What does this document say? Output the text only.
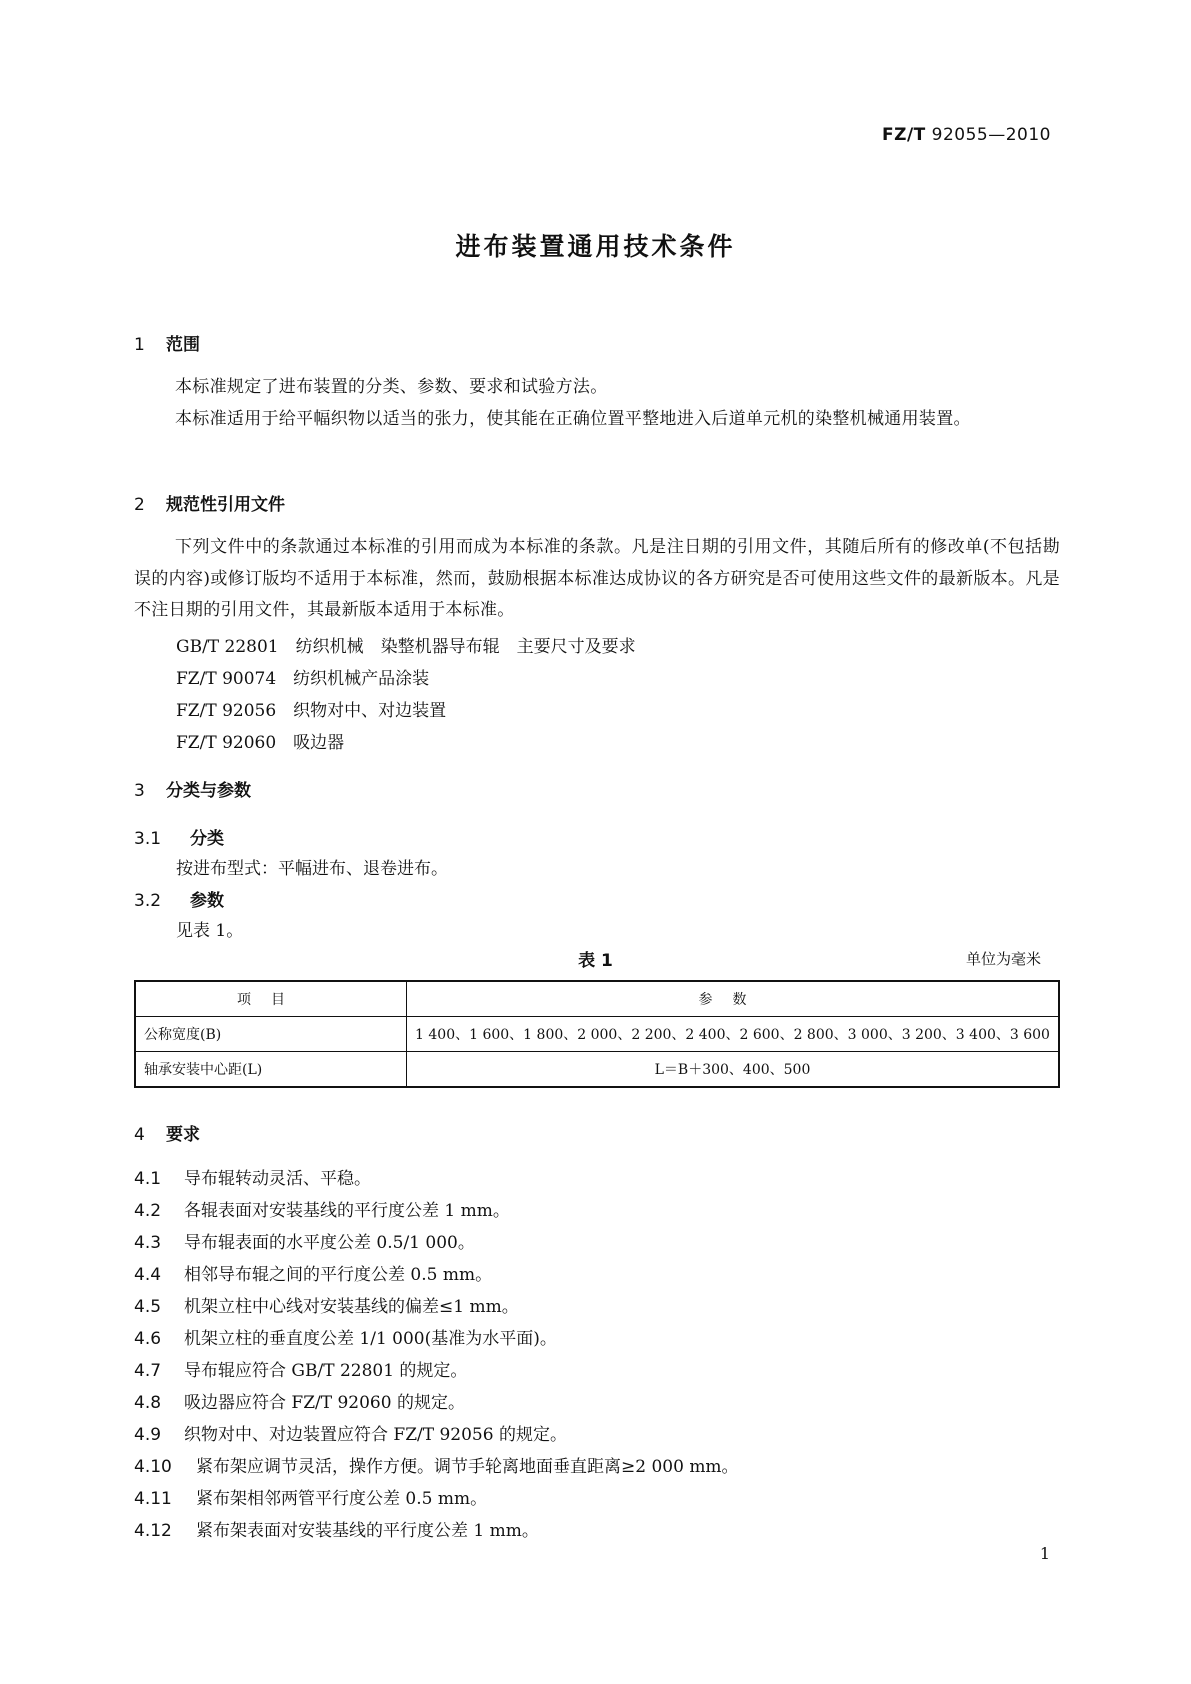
FZ/T 92055—2010
进布装置通用技术条件
1 范围
本标准规定了进布装置的分类、参数、要求和试验方法。
本标准适用于给平幅织物以适当的张力，使其能在正确位置平整地进入后道单元机的染整机械通用装置。
2 规范性引用文件
下列文件中的条款通过本标准的引用而成为本标准的条款。凡是注日期的引用文件，其随后所有的修改单(不包括勘误的内容)或修订版均不适用于本标准，然而，鼓励根据本标准达成协议的各方研究是否可使用这些文件的最新版本。凡是不注日期的引用文件，其最新版本适用于本标准。
GB/T 22801　纺织机械　染整机器导布辊　主要尺寸及要求
FZ/T 90074　纺织机械产品涂装
FZ/T 92056　织物对中、对边装置
FZ/T 92060　吸边器
3 分类与参数
3.1 分类
按进布型式：平幅进布、退卷进布。
3.2 参数
见表 1。
表 1	单位为毫米
项目	参数
公称宽度(B)	1 400、1 600、1 800、2 000、2 200、2 400、2 600、2 800、3 000、3 200、3 400、3 600
轴承安装中心距(L)	L＝B＋300、400、500
4 要求
4.1 导布辊转动灵活、平稳。
4.2 各辊表面对安装基线的平行度公差 1 mm。
4.3 导布辊表面的水平度公差 0.5/1 000。
4.4 相邻导布辊之间的平行度公差 0.5 mm。
4.5 机架立柱中心线对安装基线的偏差≤1 mm。
4.6 机架立柱的垂直度公差 1/1 000(基准为水平面)。
4.7 导布辊应符合 GB/T 22801 的规定。
4.8 吸边器应符合 FZ/T 92060 的规定。
4.9 织物对中、对边装置应符合 FZ/T 92056 的规定。
4.10 紧布架应调节灵活，操作方便。调节手轮离地面垂直距离≥2 000 mm。
4.11 紧布架相邻两管平行度公差 0.5 mm。
4.12 紧布架表面对安装基线的平行度公差 1 mm。
1
